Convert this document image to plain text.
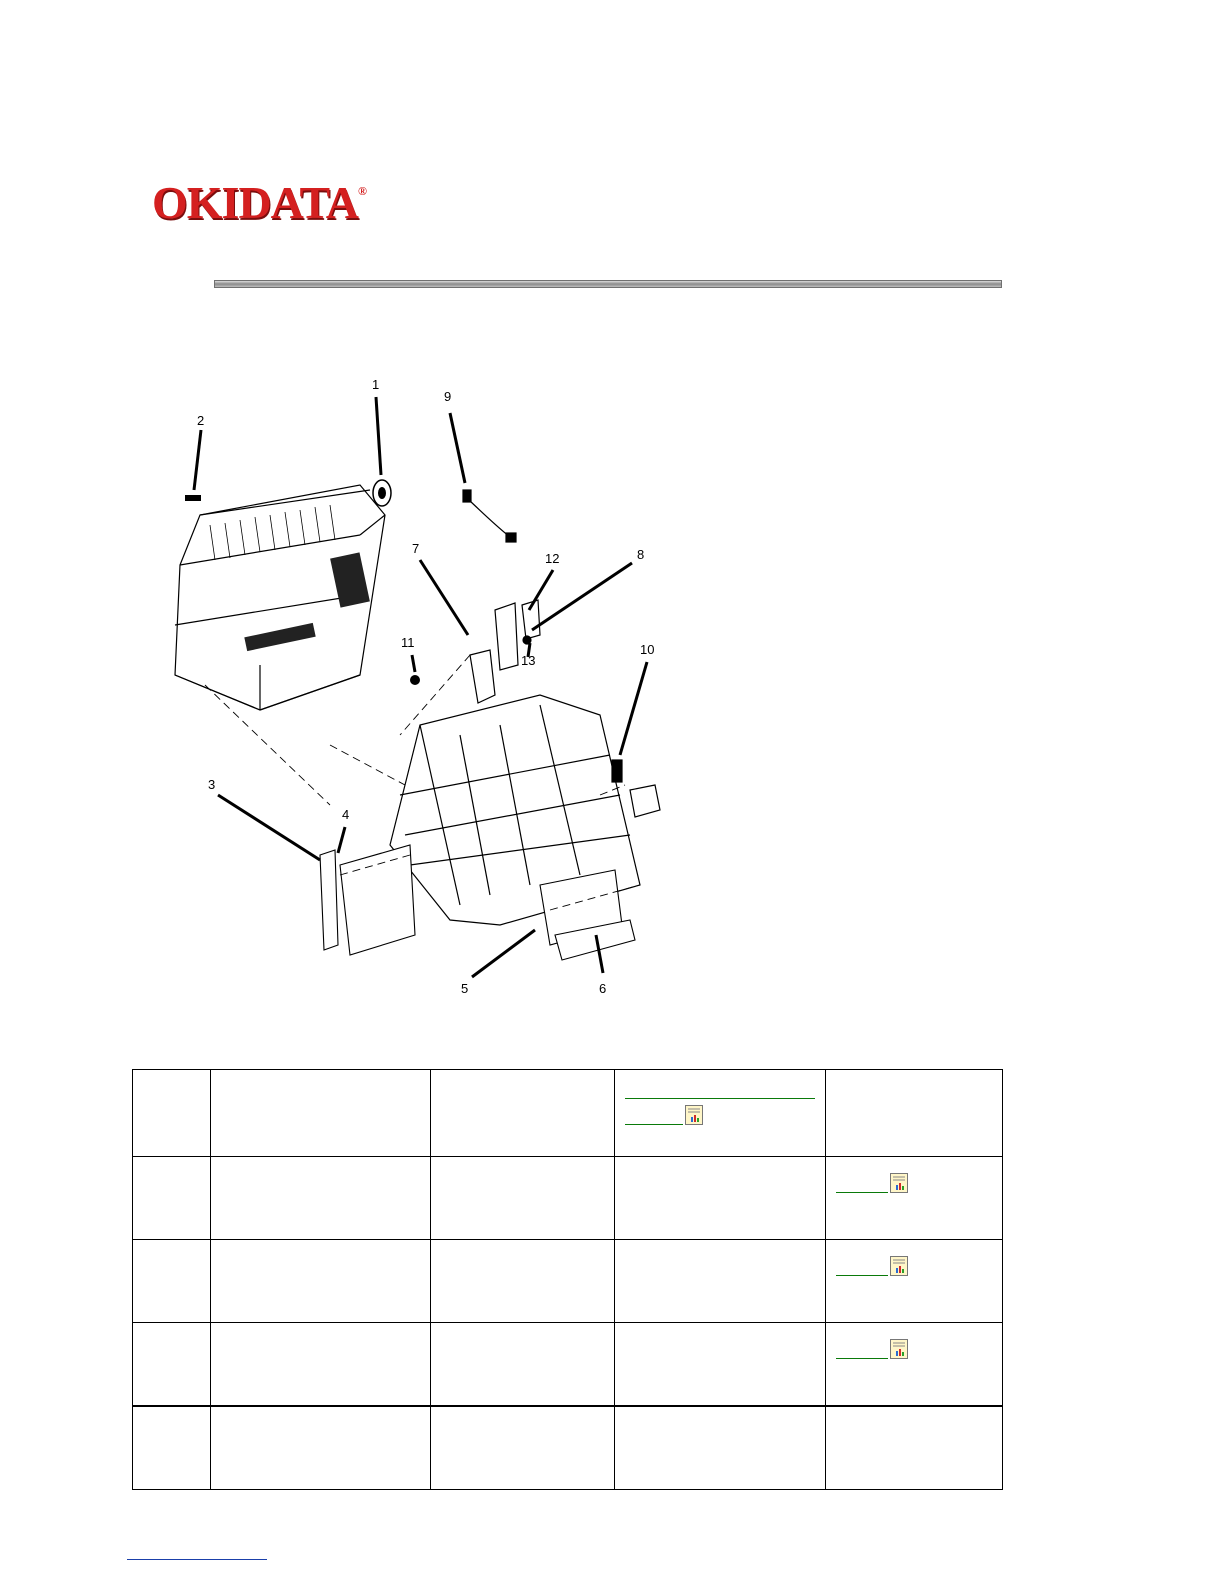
OKIDATA®
1
2
3
4
5	6
7	8
9
10
11
12
13
